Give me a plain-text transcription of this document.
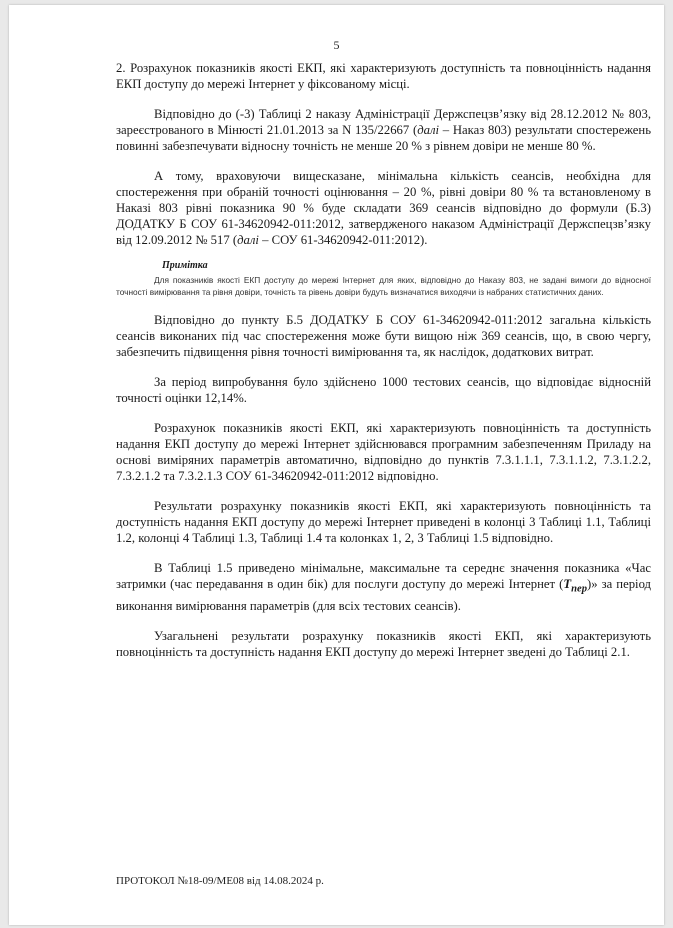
5

2. Розрахунок показників якості ЕКП, які характеризують доступність та повноцінність надання ЕКП доступу до мережі Інтернет у фіксованому місці.

Відповідно до (-3) Таблиці 2 наказу Адміністрації Держспецзв’язку від 28.12.2012 № 803, зареєстрованого в Мінюсті 21.01.2013 за N 135/22667 (далі – Наказ 803) результати спостережень повинні забезпечувати відносну точність не менше 20 % з рівнем довіри не менше 80 %.

А тому, враховуючи вищесказане, мінімальна кількість сеансів, необхідна для спостереження при обраній точності оцінювання – 20 %, рівні довіри 80 % та встановленому в Наказі 803 рівні показника 90 % буде складати 369 сеансів відповідно до формули (Б.3) ДОДАТКУ Б СОУ 61-34620942-011:2012, затвердженого наказом Адміністрації Держспецзв’язку від 12.09.2012 № 517 (далі – СОУ 61-34620942-011:2012).

Примітка

Для показників якості ЕКП доступу до мережі Інтернет для яких, відповідно до Наказу 803, не задані вимоги до відносної точності вимірювання та рівня довіри, точність та рівень довіри будуть визначатися виходячи із набраних статистичних даних.

Відповідно до пункту Б.5 ДОДАТКУ Б СОУ 61-34620942-011:2012 загальна кількість сеансів виконаних під час спостереження може бути вищою ніж 369 сеансів, що, в свою чергу, забезпечить підвищення рівня точності вимірювання та, як наслідок, додаткових витрат.

За період випробування було здійснено 1000 тестових сеансів, що відповідає відносній точності оцінки 12,14%.

Розрахунок показників якості ЕКП, які характеризують повноцінність та доступність надання ЕКП доступу до мережі Інтернет здійснювався програмним забезпеченням Приладу на основі виміряних параметрів автоматично, відповідно до пунктів 7.3.1.1.1, 7.3.1.1.2, 7.3.1.2.2, 7.3.2.1.2 та 7.3.2.1.3 СОУ 61-34620942-011:2012 відповідно.

Результати розрахунку показників якості ЕКП, які характеризують повноцінність та доступність надання ЕКП доступу до мережі Інтернет приведені в колонці 3 Таблиці 1.1, Таблиці 1.2, колонці 4 Таблиці 1.3, Таблиці 1.4 та колонках 1, 2, 3 Таблиці 1.5 відповідно.

В Таблиці 1.5 приведено мінімальне, максимальне та середнє значення показника «Час затримки (час передавання в один бік) для послуги доступу до мережі Інтернет $(T_{пер})$» за період виконання вимірювання параметрів (для всіх тестових сеансів).

Узагальнені результати розрахунку показників якості ЕКП, які характеризують повноцінність та доступність надання ЕКП доступу до мережі Інтернет зведені до Таблиці 2.1.

ПРОТОКОЛ №18-09/МЕ08 від 14.08.2024 р.
